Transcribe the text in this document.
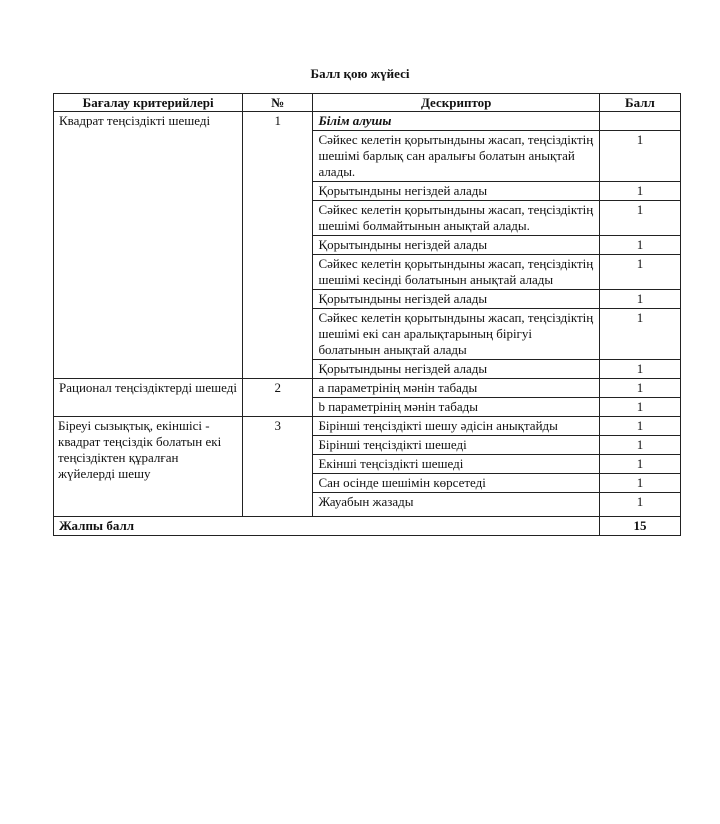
Балл қою жүйесі
Бағалау критерийлері	№	Дескриптор	Балл
Квадрат теңсіздікті шешеді	1	Білім алушы	
		Сәйкес келетін қорытындыны жасап, теңсіздіктің шешімі барлық сан аралығы болатын анықтай алады.	1
		Қорытындыны негіздей алады	1
		Сәйкес келетін қорытындыны жасап, теңсіздіктің шешімі болмайтынын анықтай алады.	1
		Қорытындыны негіздей алады	1
		Сәйкес келетін қорытындыны жасап, теңсіздіктің шешімі кесінді болатынын анықтай алады	1
		Қорытындыны негіздей алады	1
		Сәйкес келетін қорытындыны жасап, теңсіздіктің шешімі екі сан аралықтарының бірігуі болатынын анықтай алады	1
		Қорытындыны негіздей алады	1

Рационал теңсіздіктерді шешеді	2	a параметрінің мәнін табады	1
		b параметрінің мәнін табады	1
Біреуі сызықтық, екіншісі - квадрат теңсіздік болатын екі теңсіздіктен құралған жүйелерді шешу	3	Бірінші теңсіздікті шешу әдісін анықтайды	1
		Бірінші теңсіздікті шешеді	1
		Екінші теңсіздікті шешеді	1
		Сан осінде шешімін көрсетеді	1
		Жауабын жазады	1
Жалпы балл			15
